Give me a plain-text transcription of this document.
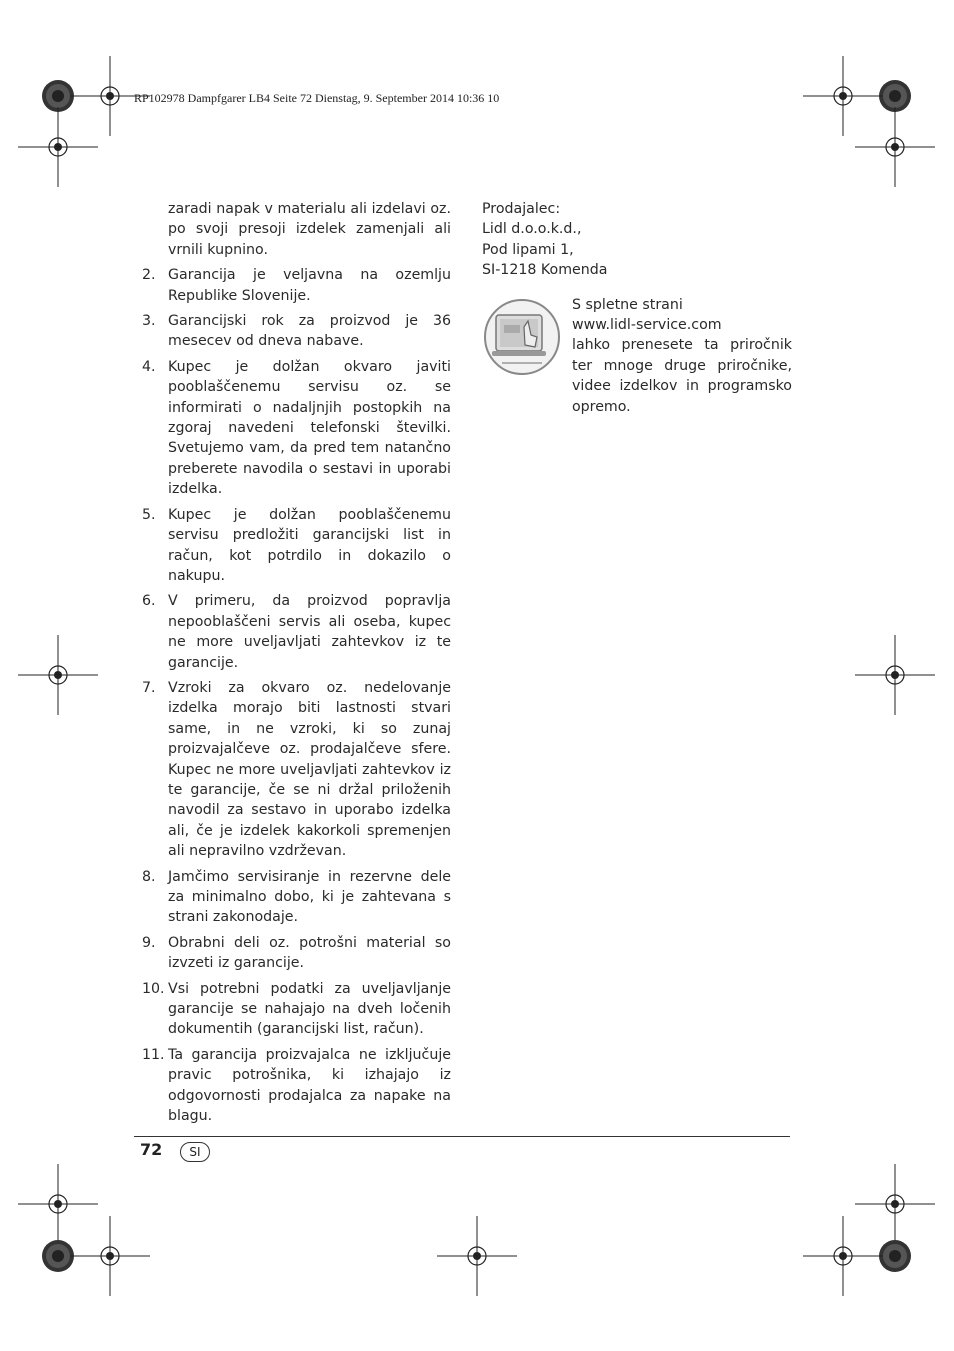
RP102978 Dampfgarer LB4 Seite 72 Dienstag, 9. September 2014 10:36 10
zaradi napak v materialu ali izdelavi oz. po svoji presoji izdelek zamenjali ali vrnili kupnino.
2. Garancija je veljavna na ozemlju Republike Slovenije.
3. Garancijski rok za proizvod je 36 mesecev od dneva nabave.
4. Kupec je dolžan okvaro javiti pooblaščenemu servisu oz. se informirati o nadaljnjih postopkih na zgoraj navedeni telefonski številki. Svetujemo vam, da pred tem natančno preberete navodila o sestavi in uporabi izdelka.
5. Kupec je dolžan pooblaščenemu servisu predložiti garancijski list in račun, kot potrdilo in dokazilo o nakupu.
6. V primeru, da proizvod popravlja nepooblaščeni servis ali oseba, kupec ne more uveljavljati zahtevkov iz te garancije.
7. Vzroki za okvaro oz. nedelovanje izdelka morajo biti lastnosti stvari same, in ne vzroki, ki so zunaj proizvajalčeve oz. prodajalčeve sfere. Kupec ne more uveljavljati zahtevkov iz te garancije, če se ni držal priloženih navodil za sestavo in uporabo izdelka ali, če je izdelek kakorkoli spremenjen ali nepravilno vzdrževan.
8. Jamčimo servisiranje in rezervne dele za minimalno dobo, ki je zahtevana s strani zakonodaje.
9. Obrabni deli oz. potrošni material so izvzeti iz garancije.
10. Vsi potrebni podatki za uveljavljanje garancije se nahajajo na dveh ločenih dokumentih (garancijski list, račun).
11. Ta garancija proizvajalca ne izključuje pravic potrošnika, ki izhajajo iz odgovornosti prodajalca za napake na blagu.
Prodajalec:
Lidl d.o.o.k.d.,
Pod lipami 1,
SI-1218 Komenda
S spletne strani
www.lidl-service.com
lahko prenesete ta priročnik ter mnoge druge priročnike, videe izdelkov in programsko opremo.
72	SI
